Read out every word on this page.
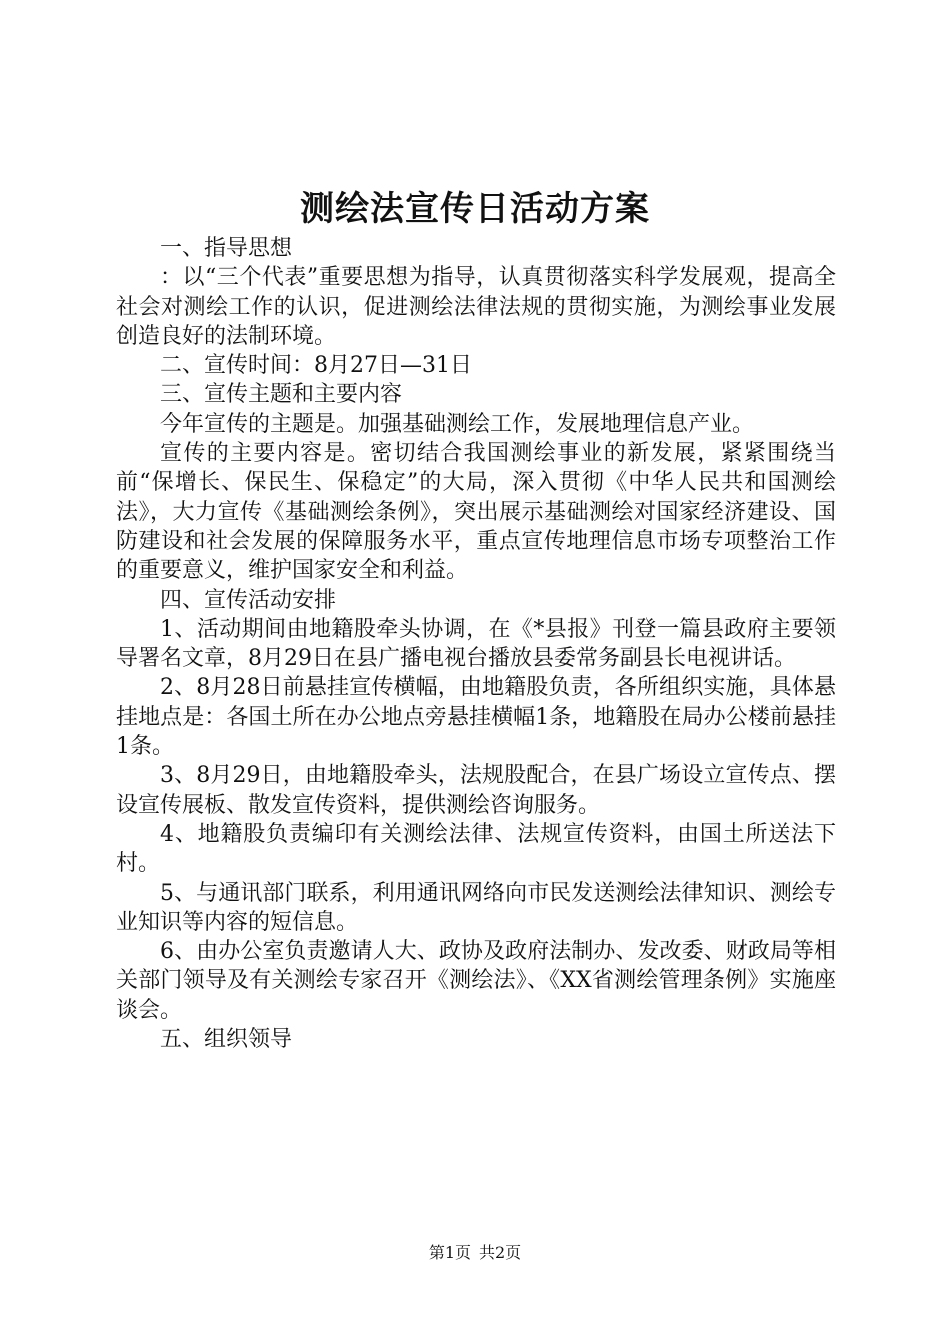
测绘法宣传日活动方案

一、指导思想

：以“三个代表”重要思想为指导，认真贯彻落实科学发展观，提高全社会对测绘工作的认识，促进测绘法律法规的贯彻实施，为测绘事业发展创造良好的法制环境。

二、宣传时间：8月27日—31日

三、宣传主题和主要内容

今年宣传的主题是。加强基础测绘工作，发展地理信息产业。

宣传的主要内容是。密切结合我国测绘事业的新发展，紧紧围绕当前“保增长、保民生、保稳定”的大局，深入贯彻《中华人民共和国测绘法》，大力宣传《基础测绘条例》，突出展示基础测绘对国家经济建设、国防建设和社会发展的保障服务水平，重点宣传地理信息市场专项整治工作的重要意义，维护国家安全和利益。

四、宣传活动安排

1、活动期间由地籍股牵头协调，在《*县报》刊登一篇县政府主要领导署名文章，8月29日在县广播电视台播放县委常务副县长电视讲话。

2、8月28日前悬挂宣传横幅，由地籍股负责，各所组织实施，具体悬挂地点是：各国土所在办公地点旁悬挂横幅1条，地籍股在局办公楼前悬挂1条。

3、8月29日，由地籍股牵头，法规股配合，在县广场设立宣传点、摆设宣传展板、散发宣传资料，提供测绘咨询服务。

4、地籍股负责编印有关测绘法律、法规宣传资料，由国土所送法下村。

5、与通讯部门联系，利用通讯网络向市民发送测绘法律知识、测绘专业知识等内容的短信息。

6、由办公室负责邀请人大、政协及政府法制办、发改委、财政局等相关部门领导及有关测绘专家召开《测绘法》、《XX省测绘管理条例》实施座谈会。

五、组织领导

第1页 共2页
